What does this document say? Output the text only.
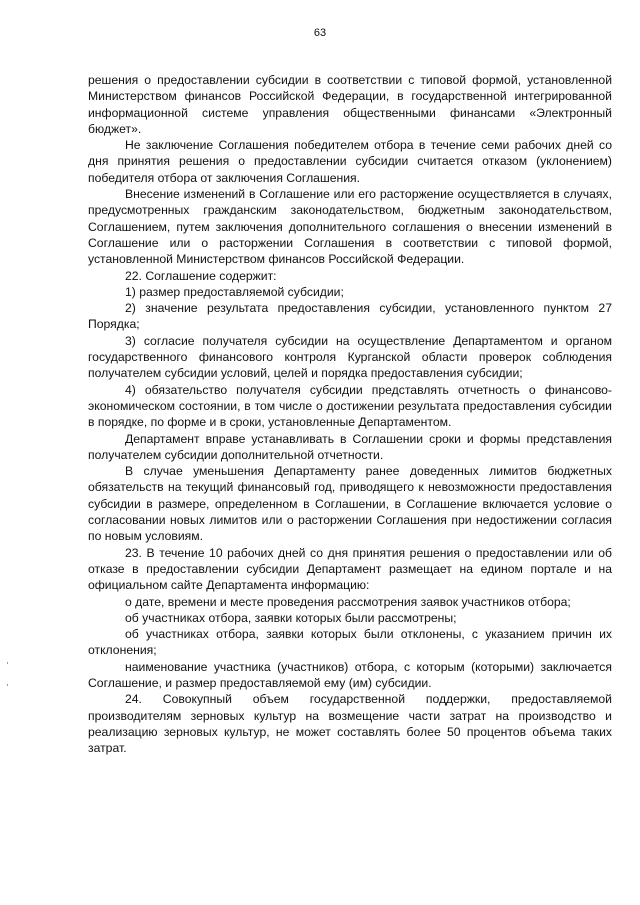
63

решения о предоставлении субсидии в соответствии с типовой формой, установленной Министерством финансов Российской Федерации, в государственной интегрированной информационной системе управления общественными финансами «Электронный бюджет».

Не заключение Соглашения победителем отбора в течение семи рабочих дней со дня принятия решения о предоставлении субсидии считается отказом (уклонением) победителя отбора от заключения Соглашения.

Внесение изменений в Соглашение или его расторжение осуществляется в случаях, предусмотренных гражданским законодательством, бюджетным законодательством, Соглашением, путем заключения дополнительного соглашения о внесении изменений в Соглашение или о расторжении Соглашения в соответствии с типовой формой, установленной Министерством финансов Российской Федерации.

22. Соглашение содержит:

1) размер предоставляемой субсидии;

2) значение результата предоставления субсидии, установленного пунктом 27 Порядка;

3) согласие получателя субсидии на осуществление Департаментом и органом государственного финансового контроля Курганской области проверок соблюдения получателем субсидии условий, целей и порядка предоставления субсидии;

4) обязательство получателя субсидии представлять отчетность о финансово-экономическом состоянии, в том числе о достижении результата предоставления субсидии в порядке, по форме и в сроки, установленные Департаментом.

Департамент вправе устанавливать в Соглашении сроки и формы представления получателем субсидии дополнительной отчетности.

В случае уменьшения Департаменту ранее доведенных лимитов бюджетных обязательств на текущий финансовый год, приводящего к невозможности предоставления субсидии в размере, определенном в Соглашении, в Соглашение включается условие о согласовании новых лимитов или о расторжении Соглашения при недостижении согласия по новым условиям.

23. В течение 10 рабочих дней со дня принятия решения о предоставлении или об отказе в предоставлении субсидии Департамент размещает на едином портале и на официальном сайте Департамента информацию:

о дате, времени и месте проведения рассмотрения заявок участников отбора;

об участниках отбора, заявки которых были рассмотрены;

об участниках отбора, заявки которых были отклонены, с указанием причин их отклонения;

наименование участника (участников) отбора, с которым (которыми) заключается Соглашение, и размер предоставляемой ему (им) субсидии.

24. Совокупный объем государственной поддержки, предоставляемой производителям зерновых культур на возмещение части затрат на производство и реализацию зерновых культур, не может составлять более 50 процентов объема таких затрат.
